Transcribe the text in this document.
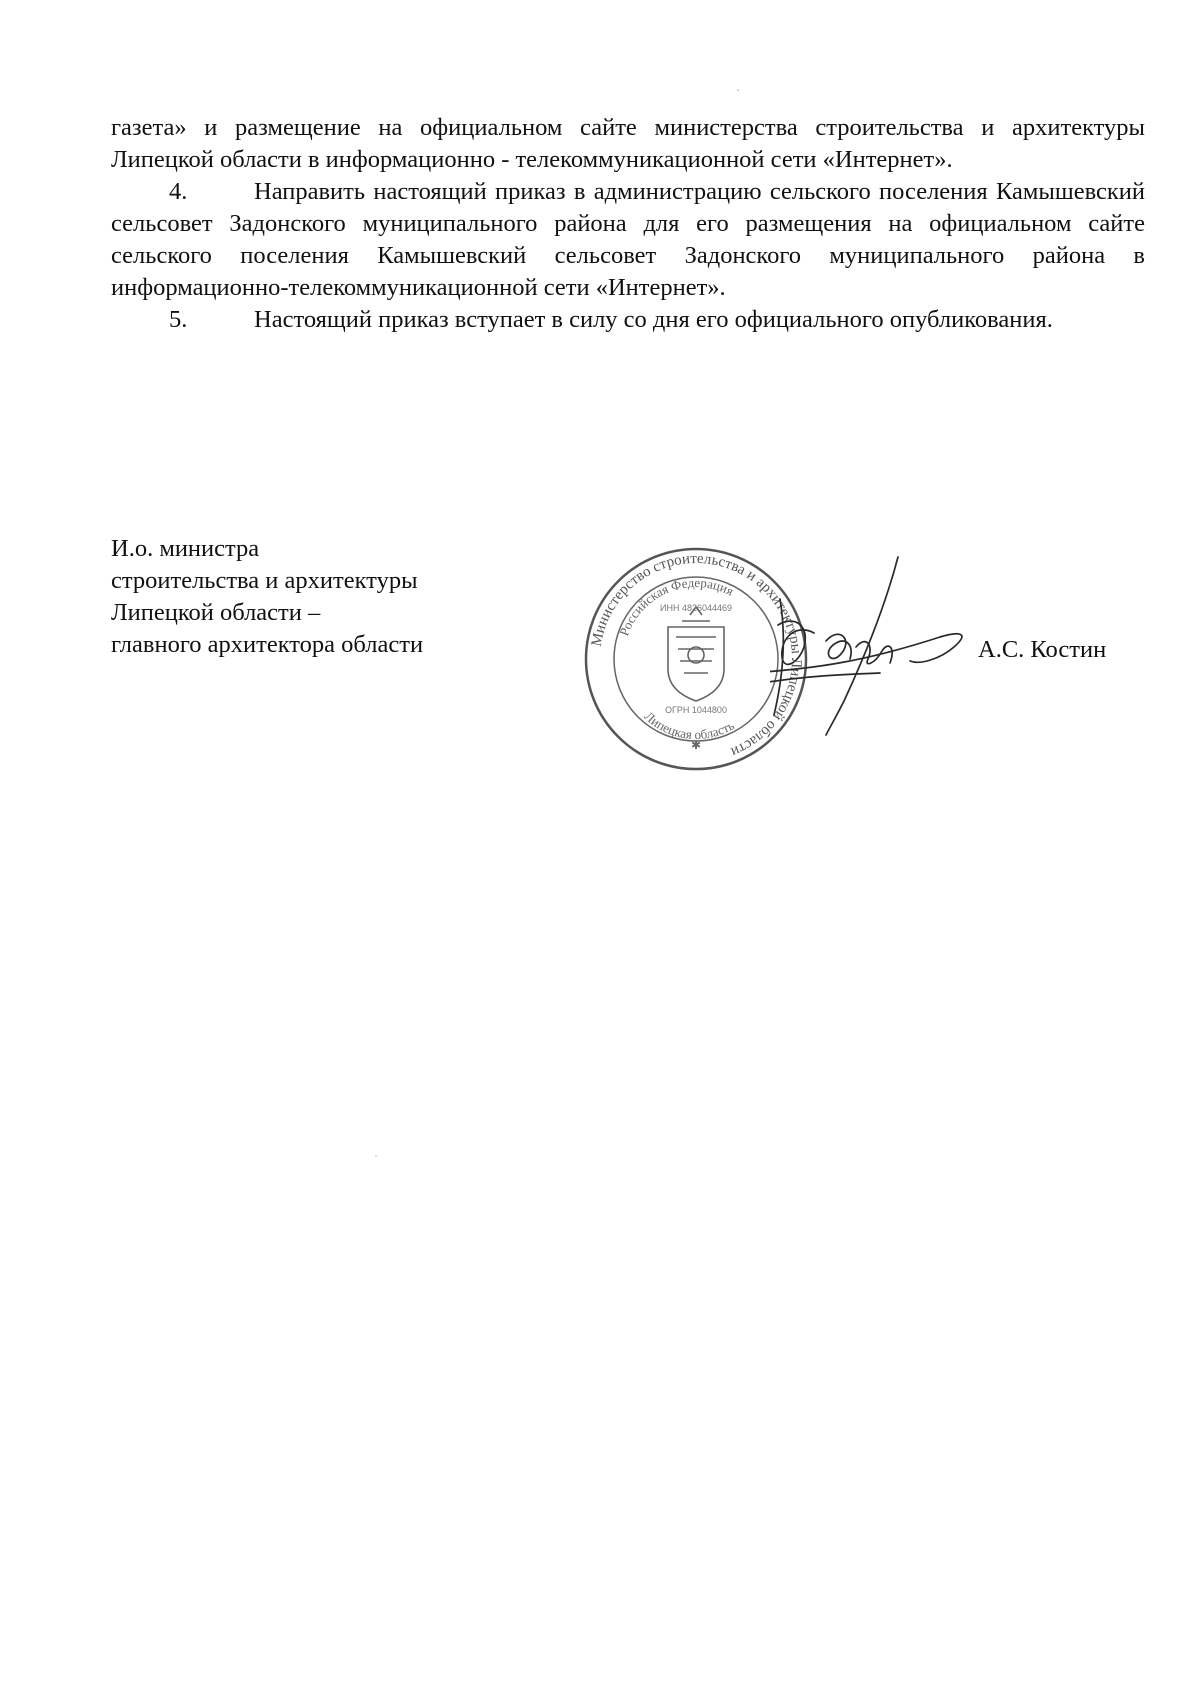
газета» и размещение на официальном сайте министерства строительства и архитектуры Липецкой области в информационно - телекоммуникационной сети «Интернет».

4.	Направить настоящий приказ в администрацию сельского поселения Камышевский сельсовет Задонского муниципального района для его размещения на официальном сайте сельского поселения Камышевский сельсовет Задонского муниципального района в информационно-телекоммуникационной сети «Интернет».

5.	Настоящий приказ вступает в силу со дня его официального опубликования.

И.о. министра
строительства и архитектуры
Липецкой области –
главного архитектора области	Министерство строительства и архитектуры Липецкой области
Российская Федерация
ИНН 4826044469
ОГРН 1044800
Липецкая область
✱
А.С. Костин
